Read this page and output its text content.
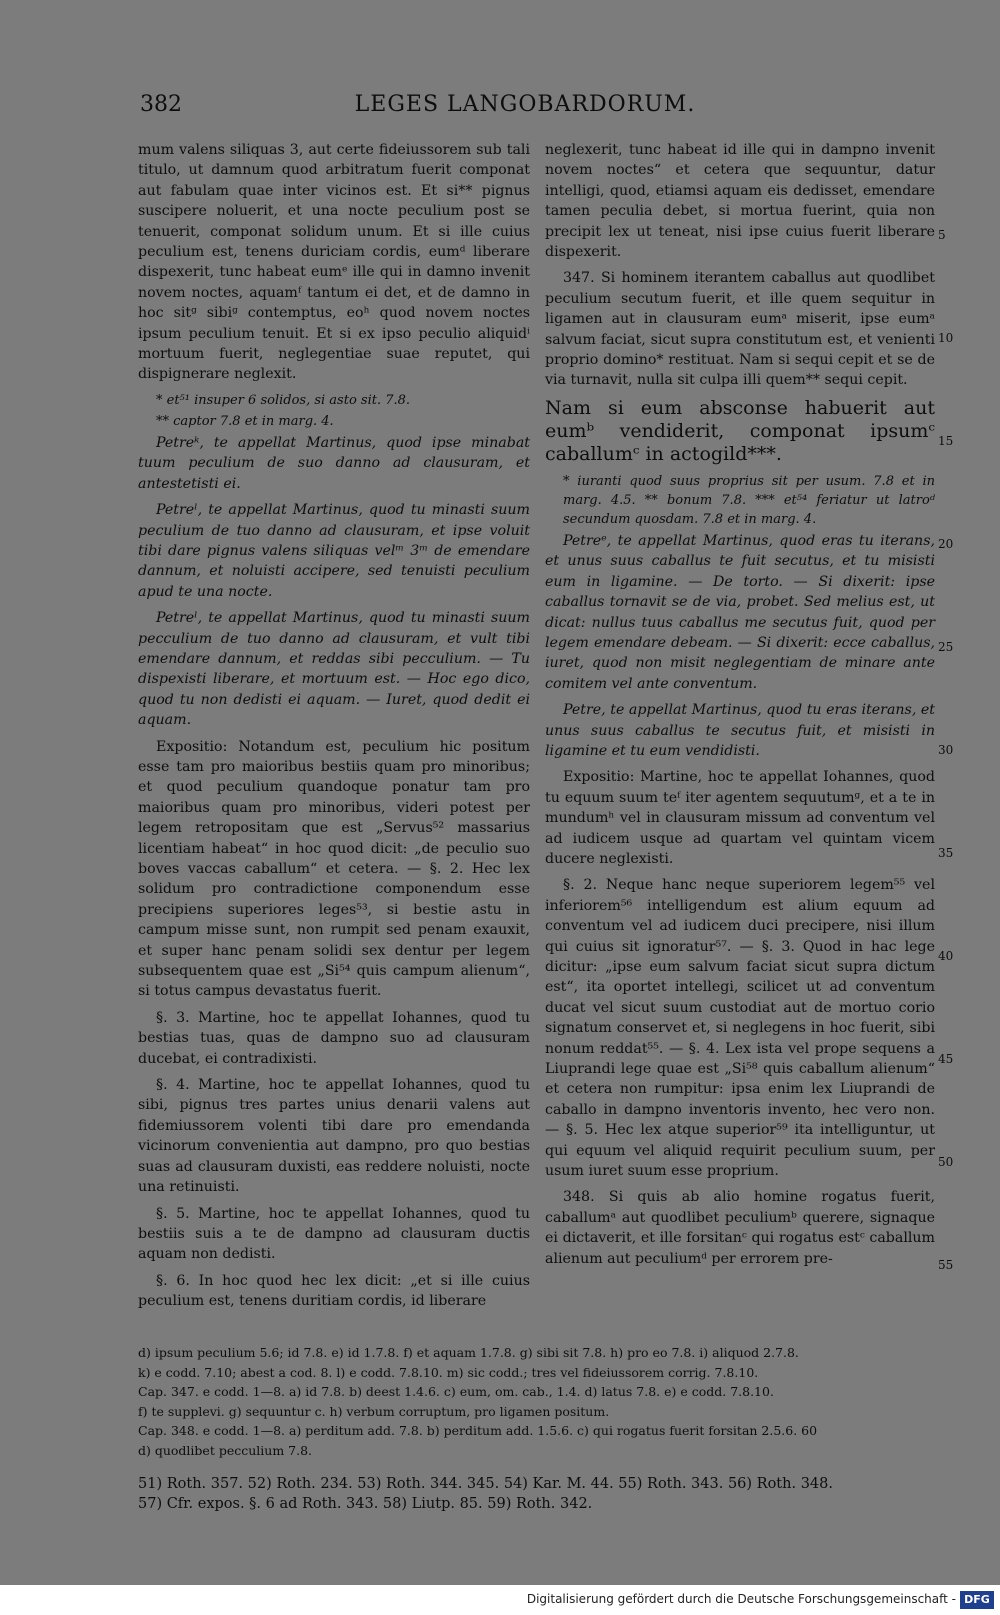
382	LEGES LANGOBARDORUM.

mum valens siliquas 3, aut certe fideiussorem sub tali titulo, ut damnum quod arbitratum fuerit componat aut fabulam quae inter vicinos est. Et si** pignus suscipere noluerit, et una nocte peculium post se tenuerit, componat solidum unum. Et si ille cuius peculium est, tenens duriciam cordis, eumᵈ liberare dispexerit, tunc habeat eumᵉ ille qui in damno invenit novem noctes, aquamᶠ tantum ei det, et de damno in hoc sitᵍ sibiᵍ contemptus, eoʰ quod novem noctes ipsum peculium tenuit. Et si ex ipso peculio aliquidⁱ mortuum fuerit, neglegentiae suae reputet, qui dispignerare neglexit.

* et⁵¹ insuper 6 solidos, si asto sit. 7.8.

** captor 7.8 et in marg. 4.

Petreᵏ, te appellat Martinus, quod ipse minabat tuum peculium de suo danno ad clausuram, et antestetisti ei.

Petreˡ, te appellat Martinus, quod tu minasti suum peculium de tuo danno ad clausuram, et ipse voluit tibi dare pignus valens siliquas velᵐ 3ᵐ de emendare dannum, et noluisti accipere, sed tenuisti peculium apud te una nocte.

Petreˡ, te appellat Martinus, quod tu minasti suum pecculium de tuo danno ad clausuram, et vult tibi emendare dannum, et reddas sibi pecculium. — Tu dispexisti liberare, et mortuum est. — Hoc ego dico, quod tu non dedisti ei aquam. — Iuret, quod dedit ei aquam.

Expositio: Notandum est, peculium hic positum esse tam pro maioribus bestiis quam pro minoribus; et quod peculium quandoque ponatur tam pro maioribus quam pro minoribus, videri potest per legem retropositam que est „Servus⁵² massarius licentiam habeat“ in hoc quod dicit: „de peculio suo boves vaccas caballum“ et cetera. — §. 2. Hec lex solidum pro contradictione componendum esse precipiens superiores leges⁵³, si bestie astu in campum misse sunt, non rumpit sed penam exauxit, et super hanc penam solidi sex dentur per legem subsequentem quae est „Si⁵⁴ quis campum alienum“, si totus campus devastatus fuerit.

§. 3. Martine, hoc te appellat Iohannes, quod tu bestias tuas, quas de dampno suo ad clausuram ducebat, ei contradixisti.

§. 4. Martine, hoc te appellat Iohannes, quod tu sibi, pignus tres partes unius denarii valens aut fidemiussorem volenti tibi dare pro emendanda vicinorum convenientia aut dampno, pro quo bestias suas ad clausuram duxisti, eas reddere noluisti, nocte una retinuisti.

§. 5. Martine, hoc te appellat Iohannes, quod tu bestiis suis a te de dampno ad clausuram ductis aquam non dedisti.

§. 6. In hoc quod hec lex dicit: „et si ille cuius peculium est, tenens duritiam cordis, id liberare

neglexerit, tunc habeat id ille qui in dampno invenit novem noctes“ et cetera que sequuntur, datur intelligi, quod, etiamsi aquam eis dedisset, emendare tamen peculia debet, si mortua fuerint, quia non precipit lex ut teneat, nisi ipse cuius fuerit liberare dispexerit.

347. Si hominem iterantem caballus aut quodlibet peculium secutum fuerit, et ille quem sequitur in ligamen aut in clausuram eumᵃ miserit, ipse eumᵃ salvum faciat, sicut supra constitutum est, et venienti proprio domino* restituat. Nam si sequi cepit et se de via turnavit, nulla sit culpa illi quem** sequi cepit.

Nam si eum absconse habuerit aut eumᵇ vendiderit, componat ipsumᶜ caballumᶜ in actogild***.

* iuranti quod suus proprius sit per usum. 7.8 et in marg. 4.5. ** bonum 7.8. *** et⁵⁴ feriatur ut latroᵈ secundum quosdam. 7.8 et in marg. 4.

Petreᵉ, te appellat Martinus, quod eras tu iterans, et unus suus caballus te fuit secutus, et tu misisti eum in ligamine. — De torto. — Si dixerit: ipse caballus tornavit se de via, probet. Sed melius est, ut dicat: nullus tuus caballus me secutus fuit, quod per legem emendare debeam. — Si dixerit: ecce caballus, iuret, quod non misit neglegentiam de minare ante comitem vel ante conventum.

Petre, te appellat Martinus, quod tu eras iterans, et unus suus caballus te secutus fuit, et misisti in ligamine et tu eum vendidisti.

Expositio: Martine, hoc te appellat Iohannes, quod tu equum suum teᶠ iter agentem sequutumᵍ, et a te in mundumʰ vel in clausuram missum ad conventum vel ad iudicem usque ad quartam vel quintam vicem ducere neglexisti.

§. 2. Neque hanc neque superiorem legem⁵⁵ vel inferiorem⁵⁶ intelligendum est alium equum ad conventum vel ad iudicem duci precipere, nisi illum qui cuius sit ignoratur⁵⁷. — §. 3. Quod in hac lege dicitur: „ipse eum salvum faciat sicut supra dictum est“, ita oportet intellegi, scilicet ut ad conventum ducat vel sicut suum custodiat aut de mortuo corio signatum conservet et, si neglegens in hoc fuerit, sibi nonum reddat⁵⁵. — §. 4. Lex ista vel prope sequens a Liuprandi lege quae est „Si⁵⁸ quis caballum alienum“ et cetera non rumpitur: ipsa enim lex Liuprandi de caballo in dampno inventoris invento, hec vero non. — §. 5. Hec lex atque superior⁵⁹ ita intelliguntur, ut qui equum vel aliquid requirit peculium suum, per usum iuret suum esse proprium.

348. Si quis ab alio homine rogatus fuerit, caballumᵃ aut quodlibet peculiumᵇ querere, signaque ei dictaverit, et ille forsitanᶜ qui rogatus estᶜ caballum alienum aut peculiumᵈ per errorem pre-

5
10
15
20
25
30
35
40
45
50
55
d) ipsum peculium 5.6; id 7.8. e) id 1.7.8. f) et aquam 1.7.8. g) sibi sit 7.8. h) pro eo 7.8. i) aliquod 2.7.8.
k) e codd. 7.10; abest a cod. 8. l) e codd. 7.8.10. m) sic codd.; tres vel fideiussorem corrig. 7.8.10.
Cap. 347. e codd. 1—8. a) id 7.8. b) deest 1.4.6. c) eum, om. cab., 1.4. d) latus 7.8. e) e codd. 7.8.10.
f) te supplevi. g) sequuntur c. h) verbum corruptum, pro ligamen positum.
Cap. 348. e codd. 1—8. a) perditum add. 7.8. b) perditum add. 1.5.6. c) qui rogatus fuerit forsitan 2.5.6. 60
d) quodlibet pecculium 7.8.
51) Roth. 357. 52) Roth. 234. 53) Roth. 344. 345. 54) Kar. M. 44. 55) Roth. 343. 56) Roth. 348.
57) Cfr. expos. §. 6 ad Roth. 343. 58) Liutp. 85. 59) Roth. 342.
Digitalisierung gefördert durch die Deutsche Forschungsgemeinschaft - DFG
